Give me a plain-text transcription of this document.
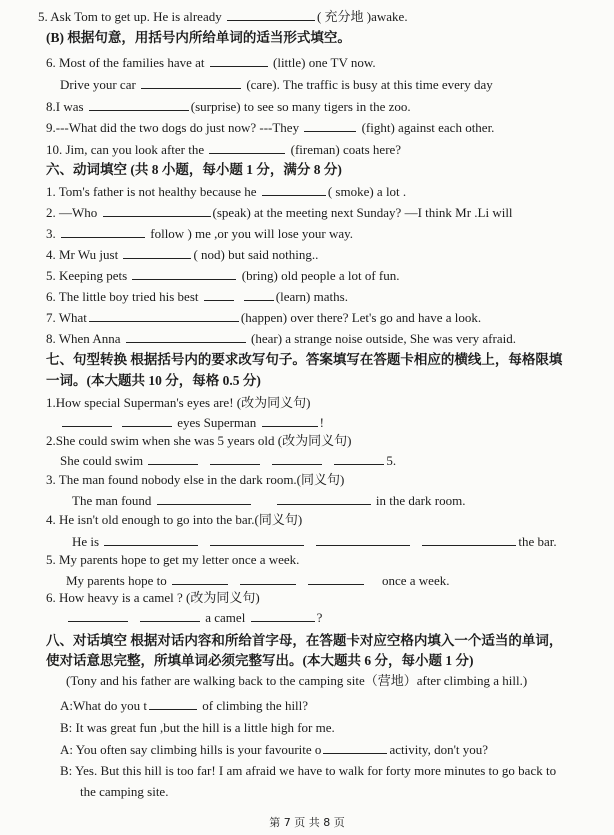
5. Ask Tom to get up. He is already	( 充分地 )awake.
(B) 根据句意，用括号内所给单词的适当形式填空。
6. Most of the families have at	(little) one TV now.
Drive your car	(care). The traffic is busy at this time every day
8.I was	(surprise) to see so many tigers in the zoo.
9.---What did the two dogs do just now? ---They	(fight) against each other.
10. Jim, can you look after the	(fireman) coats here?
六、动词填空 (共 8 小题，每小题 1 分，满分 8 分)
1. Tom's father is not healthy because he	( smoke) a lot .
2. —Who	(speak) at the meeting next Sunday? —I think Mr .Li will
3.	follow ) me ,or you will lose your way.
4. Mr Wu just	( nod) but said nothing..
5. Keeping pets	(bring) old people a lot of fun.
6. The little boy tried his best	(learn) maths.
7. What	(happen) over there? Let's go and have a look.
8. When Anna	(hear) a strange noise outside, She was very afraid.
七、句型转换 根据括号内的要求改写句子。答案填写在答题卡相应的横线上，每格限填
一词。(本大题共 10 分，每格 0.5 分)
1.How special Superman's eyes are! (改为同义句)
eyes Superman	!
2.She could swim when she was 5 years old (改为同义句)
She could swim	5.
3. The man found nobody else in the dark room.(同义句)
The man found	in the dark room.
4. He isn't old enough to go into the bar.(同义句)
He is	the bar.
5. My parents hope to get my letter once a week.
My parents hope to	once a week.
6. How heavy is a camel ? (改为同义句)
a camel	?
八、对话填空 根据对话内容和所给首字母，在答题卡对应空格内填入一个适当的单词，
使对话意思完整，所填单词必须完整写出。(本大题共 6 分，每小题 1 分)
(Tony and his father are walking back to the camping site（营地）after climbing a hill.)
A:What do you t	of climbing the hill?
B: It was great fun ,but the hill is a little high for me.
A: You often say climbing hills is your favourite o	activity, don't you?
B: Yes. But this hill is too far! I am afraid we have to walk for forty more minutes to go back to
the camping site.
第 7 页 共 8 页
